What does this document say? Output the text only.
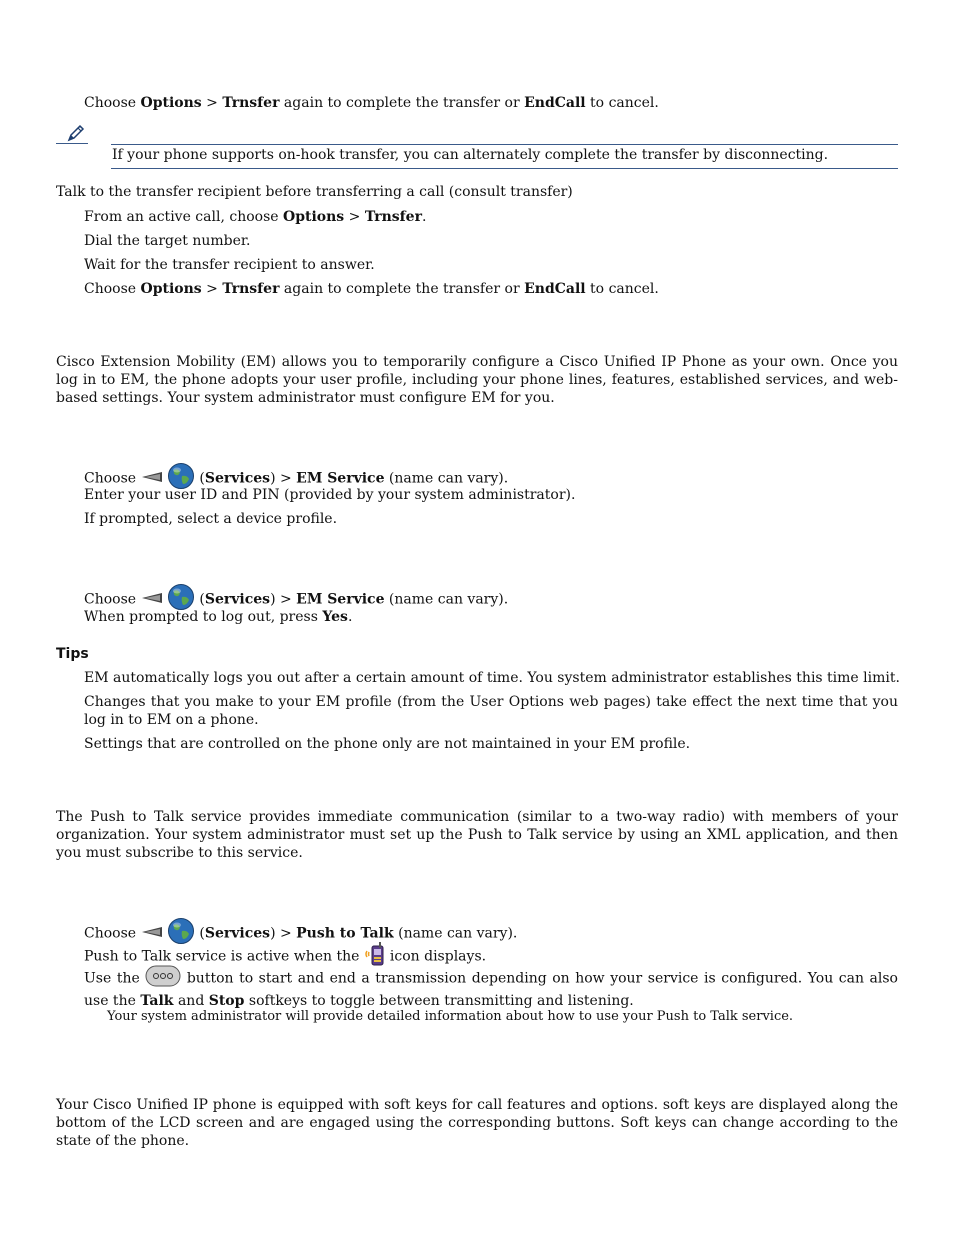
Choose Options > Trnsfer again to complete the transfer or EndCall to cancel.
If your phone supports on-hook transfer, you can alternately complete the transfer by disconnecting.
Talk to the transfer recipient before transferring a call (consult transfer)
From an active call, choose Options > Trnsfer.
Dial the target number.
Wait for the transfer recipient to answer.
Choose Options > Trnsfer again to complete the transfer or EndCall to cancel.
Cisco Extension Mobility (EM) allows you to temporarily configure a Cisco Unified IP Phone as your own. Once you log in to EM, the phone adopts your user profile, including your phone lines, features, established services, and web-based settings. Your system administrator must configure EM for you.
Choose	(Services) > EM Service (name can vary).
Enter your user ID and PIN (provided by your system administrator).
If prompted, select a device profile.
Choose	(Services) > EM Service (name can vary).
When prompted to log out, press Yes.
Tips
EM automatically logs you out after a certain amount of time. You system administrator establishes this time limit.
Changes that you make to your EM profile (from the User Options web pages) take effect the next time that you log in to EM on a phone.
Settings that are controlled on the phone only are not maintained in your EM profile.
The Push to Talk service provides immediate communication (similar to a two-way radio) with members of your organization. Your system administrator must set up the Push to Talk service by using an XML application, and then you must subscribe to this service.
Choose	(Services) > Push to Talk (name can vary).
Push to Talk service is active when the icon displays.
Use the	button to start and end a transmission depending on how your service is configured. You can also use the Talk and Stop softkeys to toggle between transmitting and listening.
Your system administrator will provide detailed information about how to use your Push to Talk service.
Your Cisco Unified IP phone is equipped with soft keys for call features and options. soft keys are displayed along the bottom of the LCD screen and are engaged using the corresponding buttons. Soft keys can change according to the state of the phone.
